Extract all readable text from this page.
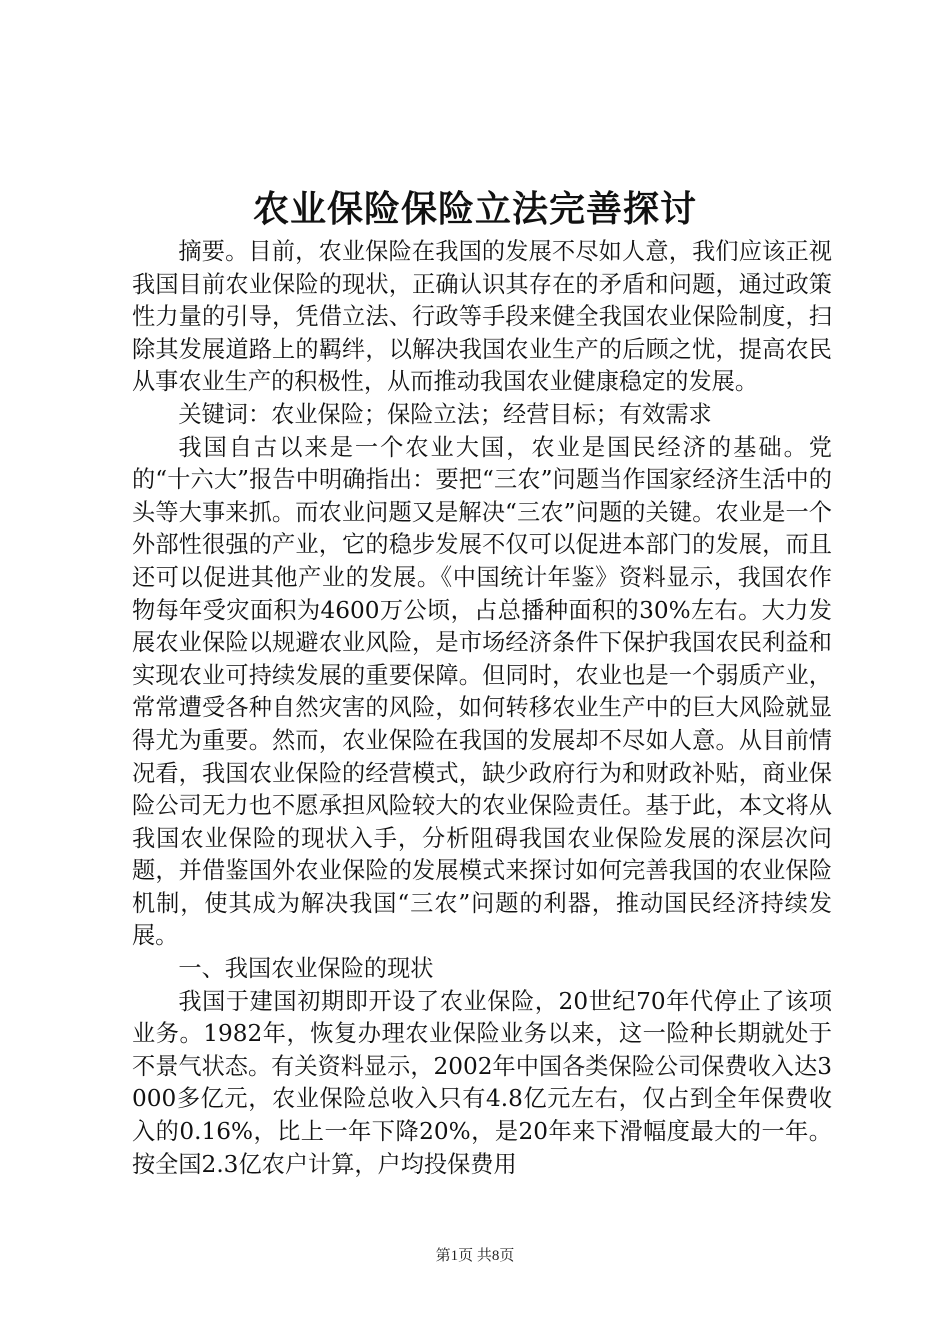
农业保险保险立法完善探讨

摘要。目前，农业保险在我国的发展不尽如人意，我们应该正视我国目前农业保险的现状，正确认识其存在的矛盾和问题，通过政策性力量的引导，凭借立法、行政等手段来健全我国农业保险制度，扫除其发展道路上的羁绊，以解决我国农业生产的后顾之忧，提高农民从事农业生产的积极性，从而推动我国农业健康稳定的发展。

关键词：农业保险；保险立法；经营目标；有效需求

我国自古以来是一个农业大国，农业是国民经济的基础。党的“十六大”报告中明确指出：要把“三农”问题当作国家经济生活中的头等大事来抓。而农业问题又是解决“三农”问题的关键。农业是一个外部性很强的产业，它的稳步发展不仅可以促进本部门的发展，而且还可以促进其他产业的发展。《中国统计年鉴》资料显示，我国农作物每年受灾面积为4600万公顷，占总播种面积的30%左右。大力发展农业保险以规避农业风险，是市场经济条件下保护我国农民利益和实现农业可持续发展的重要保障。但同时，农业也是一个弱质产业，常常遭受各种自然灾害的风险，如何转移农业生产中的巨大风险就显得尤为重要。然而，农业保险在我国的发展却不尽如人意。从目前情况看，我国农业保险的经营模式，缺少政府行为和财政补贴，商业保险公司无力也不愿承担风险较大的农业保险责任。基于此，本文将从我国农业保险的现状入手，分析阻碍我国农业保险发展的深层次问题，并借鉴国外农业保险的发展模式来探讨如何完善我国的农业保险机制，使其成为解决我国“三农”问题的利器，推动国民经济持续发展。

一、我国农业保险的现状

我国于建国初期即开设了农业保险，20世纪70年代停止了该项业务。1982年，恢复办理农业保险业务以来，这一险种长期就处于不景气状态。有关资料显示，2002年中国各类保险公司保费收入达3000多亿元，农业保险总收入只有4.8亿元左右，仅占到全年保费收入的0.16%，比上一年下降20%，是20年来下滑幅度最大的一年。按全国2.3亿农户计算，户均投保费用

第1页 共8页
